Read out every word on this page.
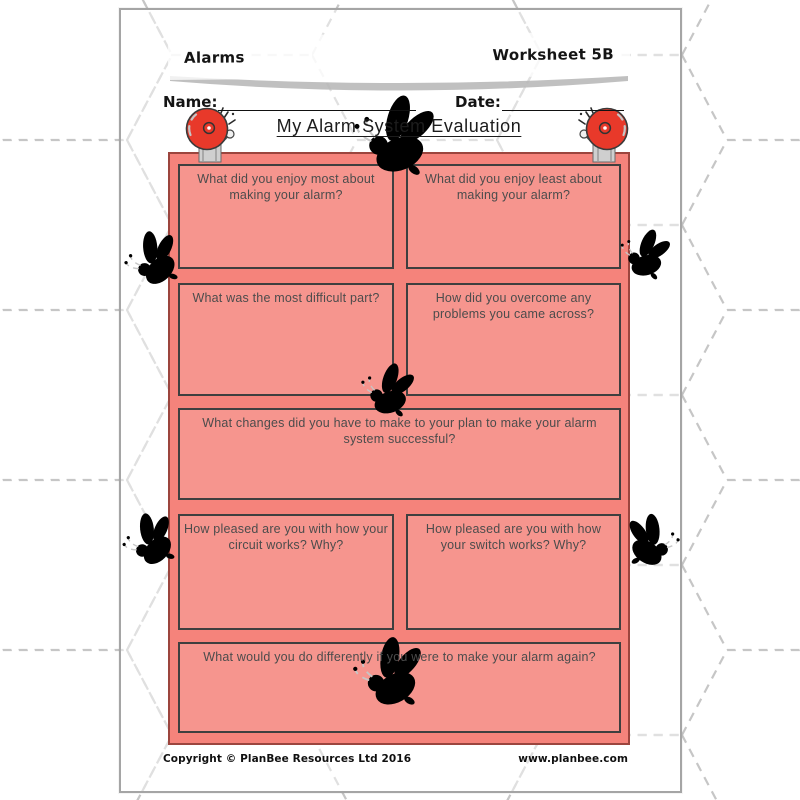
Alarms	Worksheet 5B
Name:	Date:
My Alarm System Evaluation
What did you enjoy most about making your alarm?
What did you enjoy least about making your alarm?
What was the most difficult part?	How did you overcome any problems you came across?
What changes did you have to make to your plan to make your alarm system successful?
How pleased are you with how your circuit works? Why?
How pleased are you with how your switch works? Why?
What would you do differently if you were to make your alarm again?
Copyright © PlanBee Resources Ltd 2016	www.planbee.com
